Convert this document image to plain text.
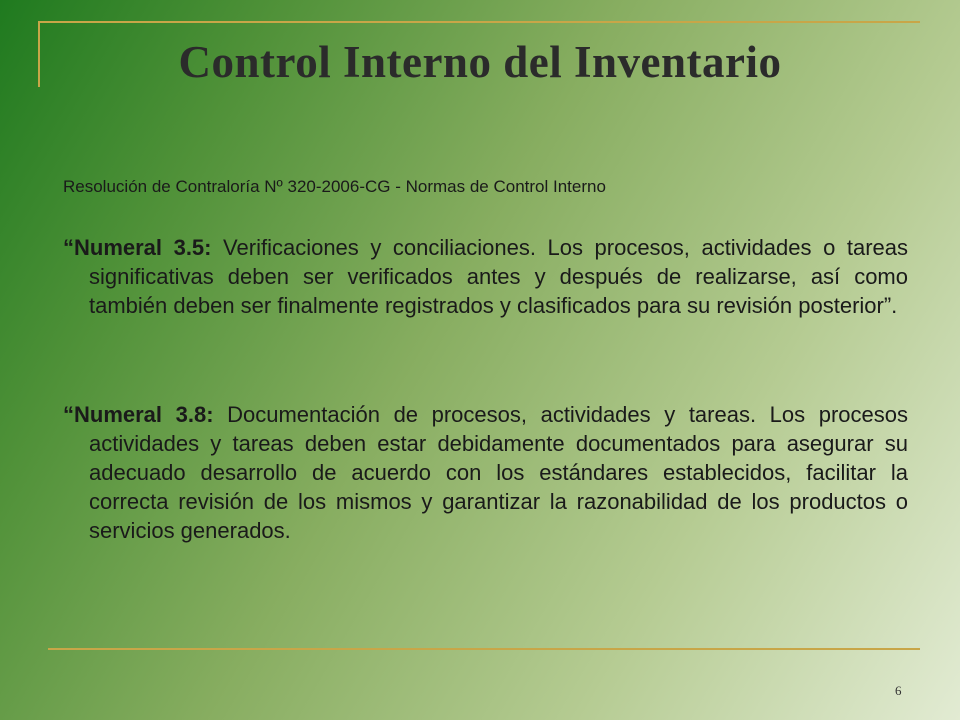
Control Interno del Inventario

Resolución de Contraloría Nº 320-2006-CG - Normas de Control Interno

“Numeral 3.5: Verificaciones y conciliaciones. Los procesos, actividades o tareas significativas deben ser verificados antes y después de realizarse, así como también deben ser finalmente registrados y clasificados para su revisión posterior”.

“Numeral 3.8: Documentación de procesos, actividades y tareas. Los procesos actividades y tareas deben estar debidamente documentados para asegurar su adecuado desarrollo de acuerdo con los estándares establecidos, facilitar la correcta revisión de los mismos y garantizar la razonabilidad de los productos o servicios generados.

6
